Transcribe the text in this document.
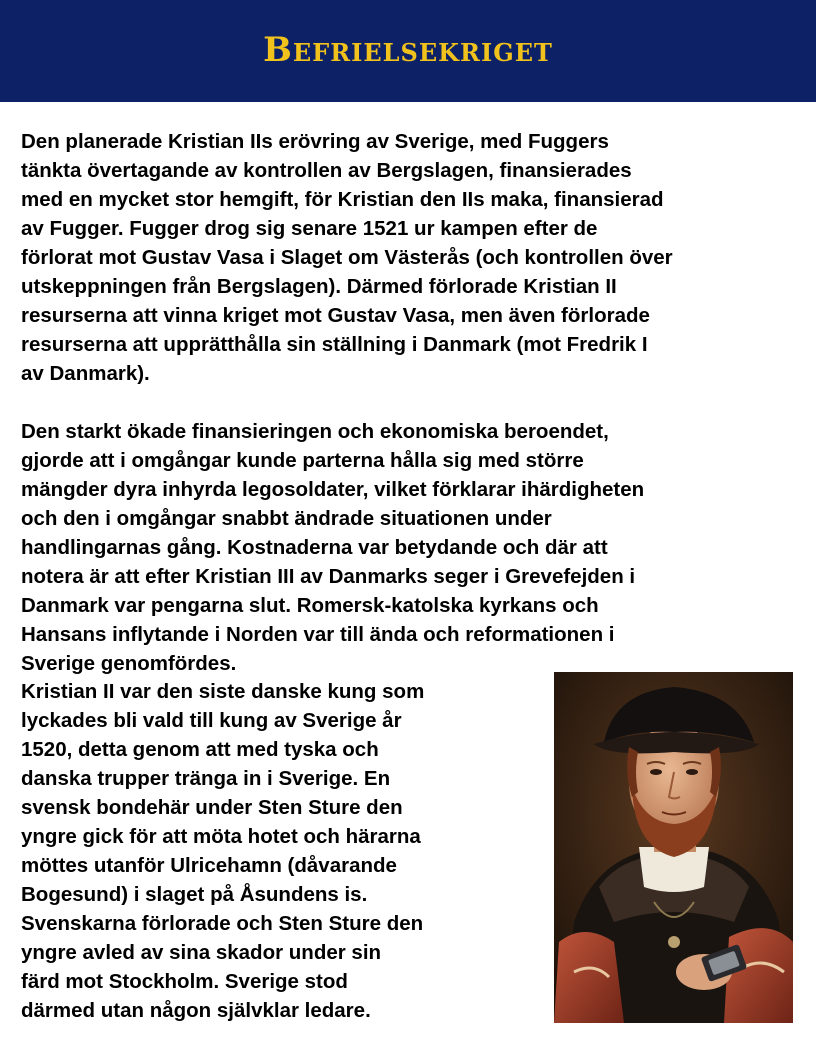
Befrielsekriget
Den planerade Kristian IIs erövring av Sverige, med Fuggers
tänkta övertagande av kontrollen av Bergslagen, finansierades
med en mycket stor hemgift, för Kristian den IIs maka, finansierad
av Fugger. Fugger drog sig senare 1521 ur kampen efter de
förlorat mot Gustav Vasa i Slaget om Västerås (och kontrollen över
utskeppningen från Bergslagen). Därmed förlorade Kristian II
resurserna att vinna kriget mot Gustav Vasa, men även förlorade
resurserna att upprätthålla sin ställning i Danmark (mot Fredrik I
av Danmark).
Den starkt ökade finansieringen och ekonomiska beroendet,
gjorde att i omgångar kunde parterna hålla sig med större
mängder dyra inhyrda legosoldater, vilket förklarar ihärdigheten
och den i omgångar snabbt ändrade situationen under
handlingarnas gång. Kostnaderna var betydande och där att
notera är att efter Kristian III av Danmarks seger i Grevefejden i
Danmark var pengarna slut. Romersk-katolska kyrkans och
Hansans inflytande i Norden var till ända och reformationen i
Sverige genomfördes.
Kristian II var den siste danske kung som
lyckades bli vald till kung av Sverige år
1520, detta genom att med tyska och
danska trupper tränga in i Sverige. En
svensk bondehär under Sten Sture den
yngre gick för att möta hotet och härarna
möttes utanför Ulricehamn (dåvarande
Bogesund) i slaget på Åsundens is.
Svenskarna förlorade och Sten Sture den
yngre avled av sina skador under sin
färd mot Stockholm. Sverige stod
därmed utan någon självklar ledare.
